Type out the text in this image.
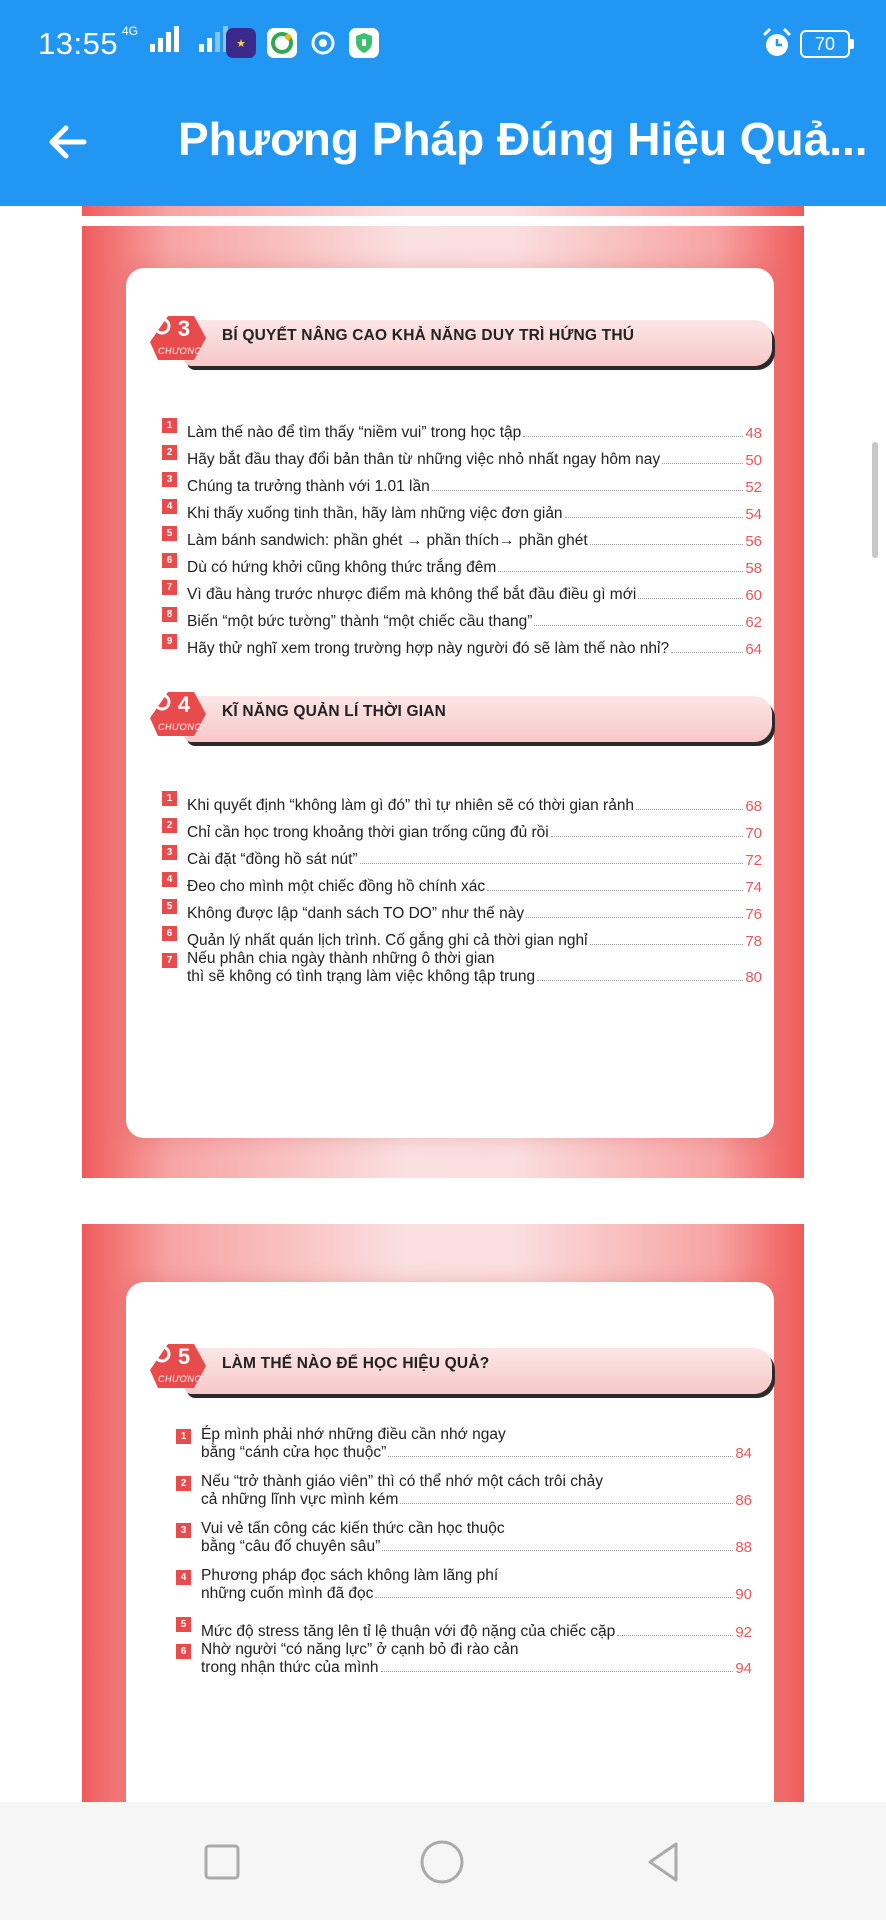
13:55 4G
★	70
Phương Pháp Đúng Hiệu Quả...
3
CHƯƠNG
BÍ QUYẾT NÂNG CAO KHẢ NĂNG DUY TRÌ HỨNG THÚ
1 Làm thế nào để tìm thấy “niềm vui” trong học tập	48
2 Hãy bắt đầu thay đổi bản thân từ những việc nhỏ nhất ngay hôm nay	50
3 Chúng ta trưởng thành với 1.01 lần	52
4 Khi thấy xuống tinh thần, hãy làm những việc đơn giản	54
5 Làm bánh sandwich: phần ghét → phần thích→ phần ghét	56
6 Dù có hứng khởi cũng không thức trắng đêm	58
7 Vì đầu hàng trước nhược điểm mà không thể bắt đầu điều gì mới	60
8 Biến “một bức tường” thành “một chiếc cầu thang”	62
9 Hãy thử nghĩ xem trong trường hợp này người đó sẽ làm thế nào nhỉ?	64
4
CHƯƠNG
KĨ NĂNG QUẢN LÍ THỜI GIAN
1 Khi quyết định “không làm gì đó” thì tự nhiên sẽ có thời gian rảnh	68
2 Chỉ cần học trong khoảng thời gian trống cũng đủ rồi	70
3 Cài đặt “đồng hồ sát nút”	72
4 Đeo cho mình một chiếc đồng hồ chính xác	74
5 Không được lập “danh sách TO DO” như thế này	76
6 Quản lý nhất quán lịch trình. Cố gắng ghi cả thời gian nghỉ	78
7 Nếu phân chia ngày thành những ô thời gian
thì sẽ không có tình trạng làm việc không tập trung	80
5
CHƯƠNG
LÀM THẾ NÀO ĐỂ HỌC HIỆU QUẢ?
1 Ép mình phải nhớ những điều cần nhớ ngay
bằng “cánh cửa học thuộc”	84
2 Nếu “trở thành giáo viên” thì có thể nhớ một cách trôi chảy
cả những lĩnh vực mình kém	86
3 Vui vẻ tấn công các kiến thức cần học thuộc
bằng “câu đố chuyên sâu”	88
4 Phương pháp đọc sách không làm lãng phí
những cuốn mình đã đọc	90
5 Mức độ stress tăng lên tỉ lệ thuận với độ nặng của chiếc cặp	92
6 Nhờ người “có năng lực” ở cạnh bỏ đi rào cản
trong nhận thức của mình	94
